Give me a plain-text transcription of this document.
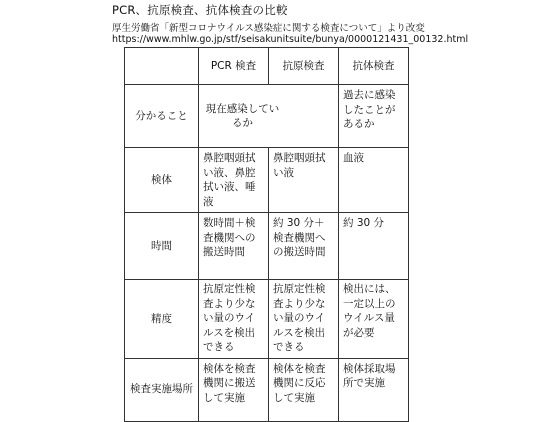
PCR、抗原検査、抗体検査の比較
厚生労働省「新型コロナウイルス感染症に関する検査について」より改変
https://www.mhlw.go.jp/stf/seisakunitsuite/bunya/0000121431_00132.html
	PCR 検査	抗原検査	抗体検査
分かること	現在感染しているか		過去に感染したことがあるか
検体	鼻腔咽頭拭い液、鼻腔拭い液、唾液	鼻腔咽頭拭い液	血液
時間	数時間＋検査機関への搬送時間	約 30 分＋検査機関への搬送時間	約 30 分
精度	抗原定性検査より少ない量のウイルスを検出できる	抗原定性検査より少ない量のウイルスを検出できる	検出には、一定以上のウイルス量が必要
検査実施場所	検体を検査機関に搬送して実施	検体を検査機関に反応して実施	検体採取場所で実施
